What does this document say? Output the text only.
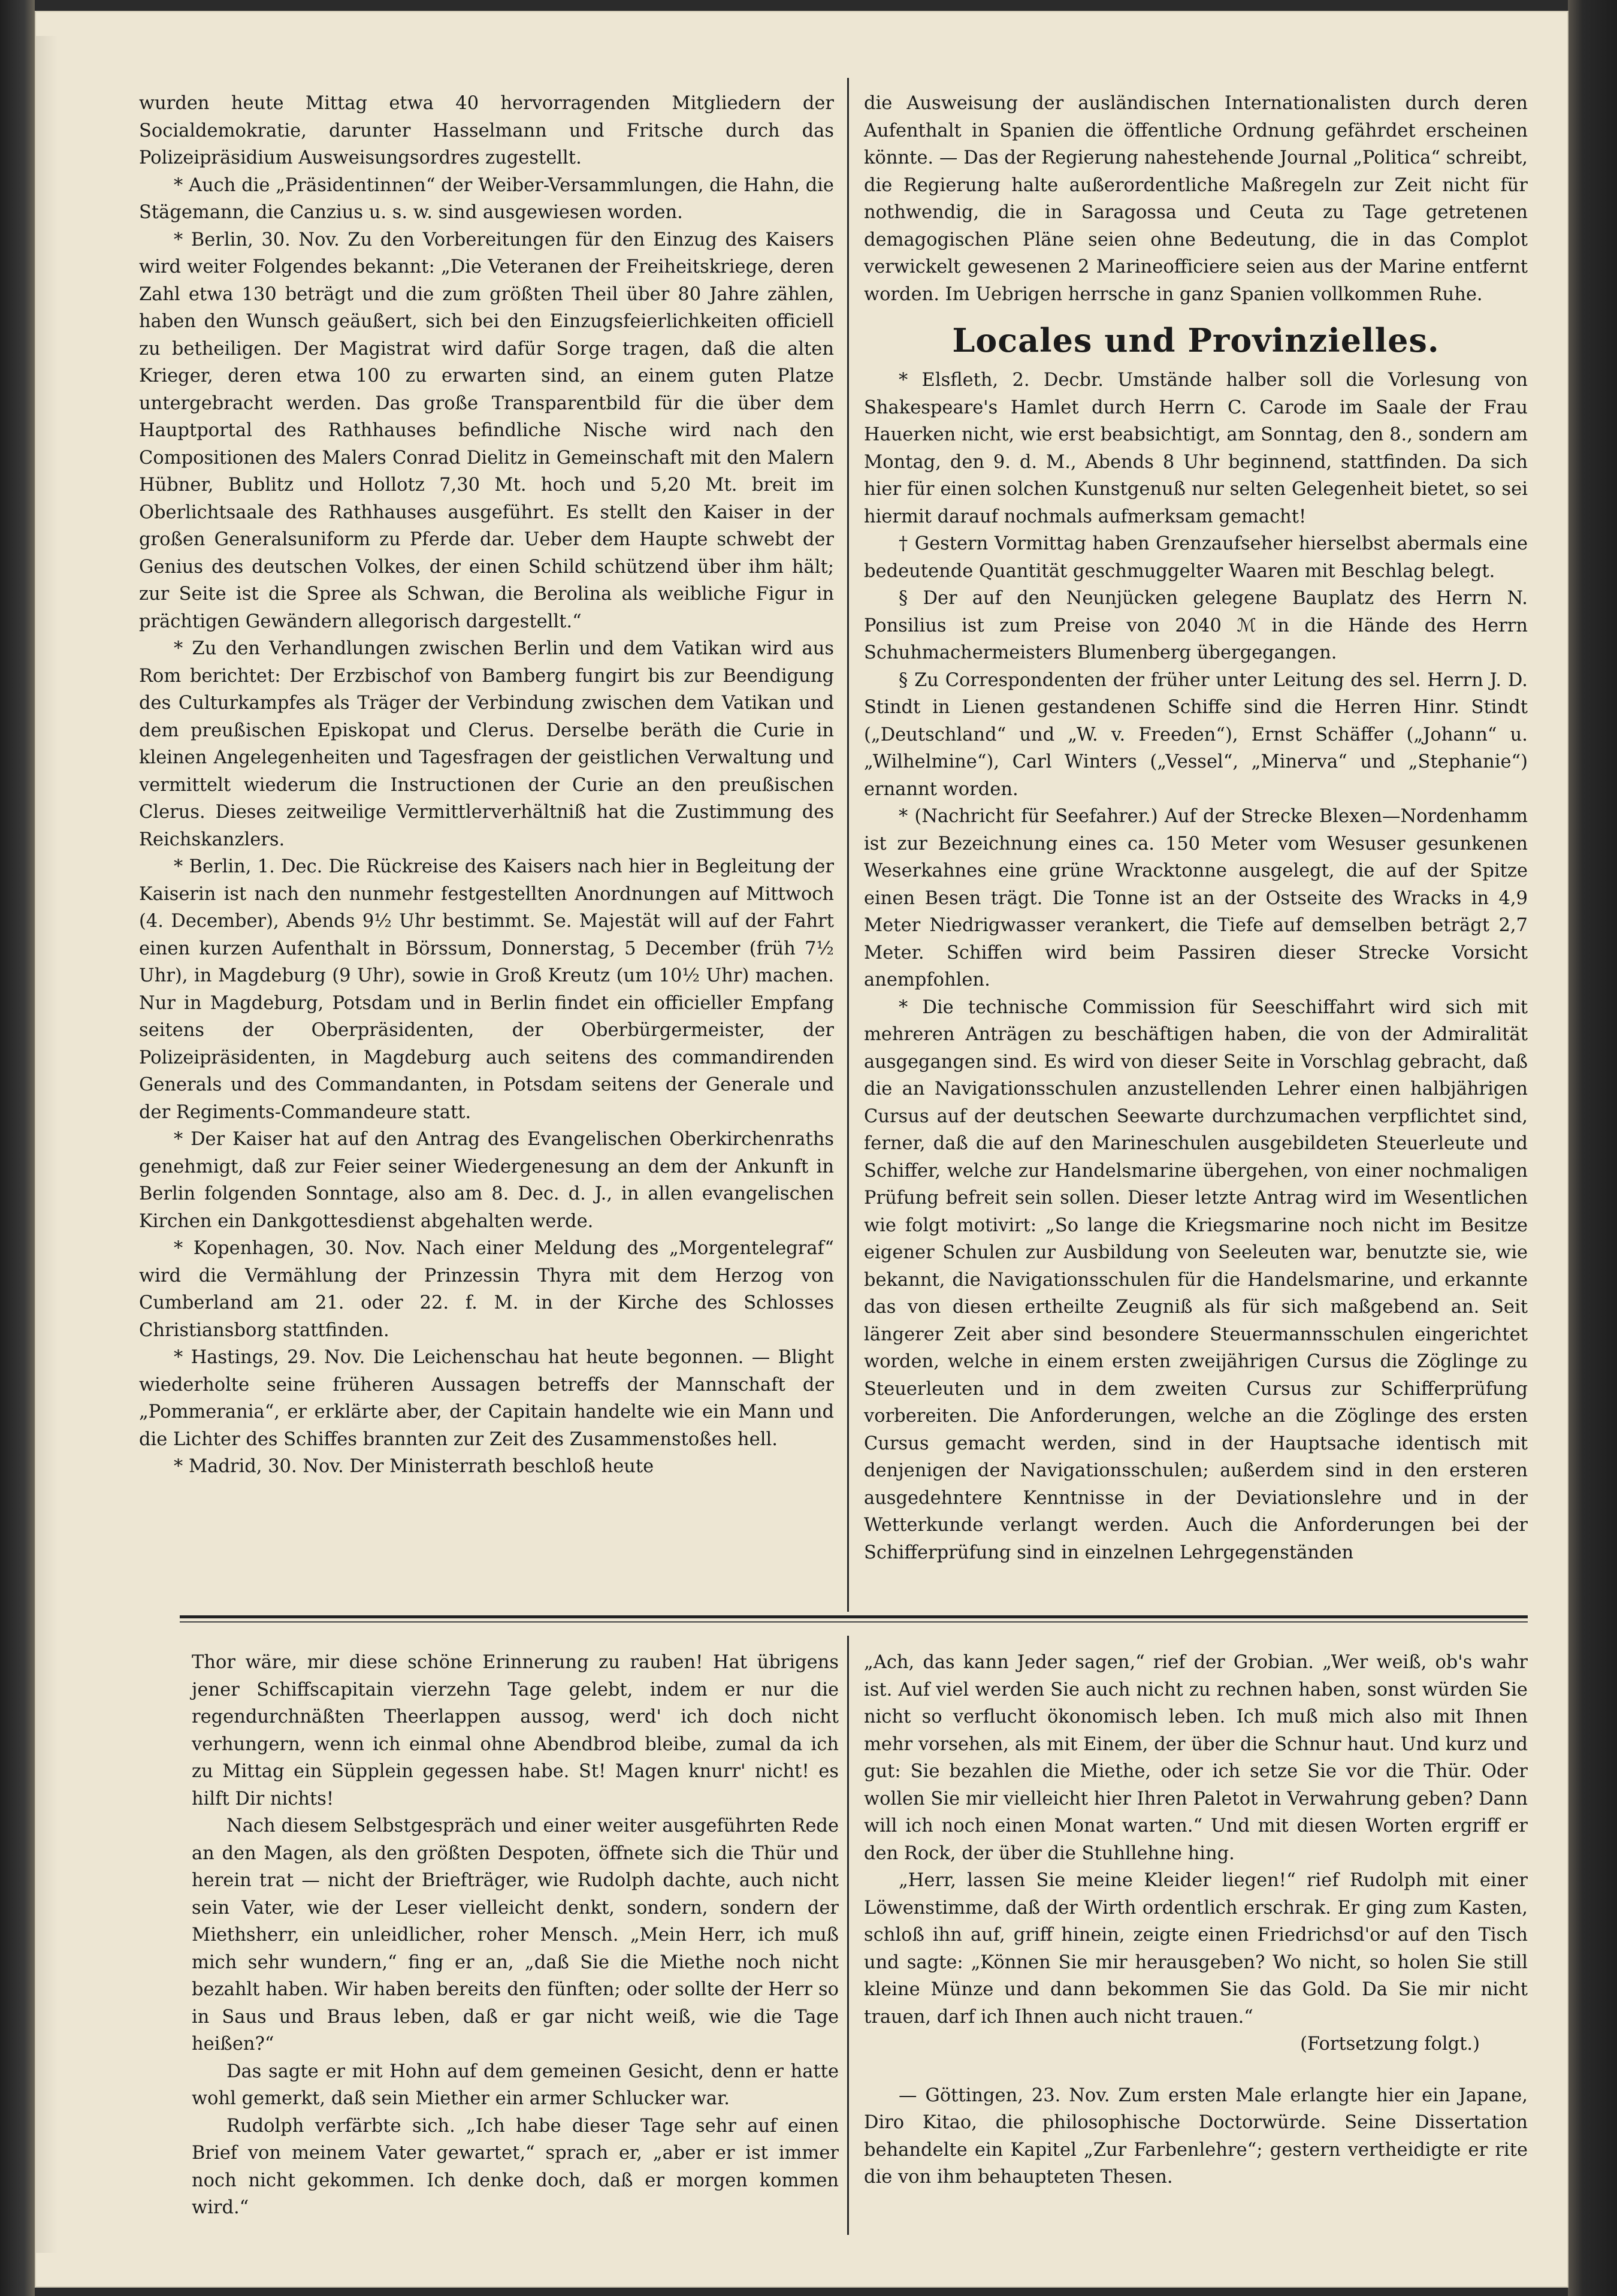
wurden heute Mittag etwa 40 hervorragenden Mitgliedern der Socialdemokratie, darunter Hasselmann und Fritsche durch das Polizeipräsidium Ausweisungsordres zugestellt.

* Auch die „Präsidentinnen“ der Weiber-Versammlungen, die Hahn, die Stägemann, die Canzius u. s. w. sind ausgewiesen worden.

* Berlin, 30. Nov. Zu den Vorbereitungen für den Einzug des Kaisers wird weiter Folgendes bekannt: „Die Veteranen der Freiheitskriege, deren Zahl etwa 130 beträgt und die zum größten Theil über 80 Jahre zählen, haben den Wunsch geäußert, sich bei den Einzugsfeierlichkeiten officiell zu betheiligen. Der Magistrat wird dafür Sorge tragen, daß die alten Krieger, deren etwa 100 zu erwarten sind, an einem guten Platze untergebracht werden. Das große Transparentbild für die über dem Hauptportal des Rathhauses befindliche Nische wird nach den Compositionen des Malers Conrad Dielitz in Gemeinschaft mit den Malern Hübner, Bublitz und Hollotz 7,30 Mt. hoch und 5,20 Mt. breit im Oberlichtsaale des Rathhauses ausgeführt. Es stellt den Kaiser in der großen Generalsuniform zu Pferde dar. Ueber dem Haupte schwebt der Genius des deutschen Volkes, der einen Schild schützend über ihm hält; zur Seite ist die Spree als Schwan, die Berolina als weibliche Figur in prächtigen Gewändern allegorisch dargestellt.“

* Zu den Verhandlungen zwischen Berlin und dem Vatikan wird aus Rom berichtet: Der Erzbischof von Bamberg fungirt bis zur Beendigung des Culturkampfes als Träger der Verbindung zwischen dem Vatikan und dem preußischen Episkopat und Clerus. Derselbe beräth die Curie in kleinen Angelegenheiten und Tagesfragen der geistlichen Verwaltung und vermittelt wiederum die Instructionen der Curie an den preußischen Clerus. Dieses zeitweilige Vermittlerverhältniß hat die Zustimmung des Reichskanzlers.

* Berlin, 1. Dec. Die Rückreise des Kaisers nach hier in Begleitung der Kaiserin ist nach den nunmehr festgestellten Anordnungen auf Mittwoch (4. December), Abends 9½ Uhr bestimmt. Se. Majestät will auf der Fahrt einen kurzen Aufenthalt in Börssum, Donnerstag, 5 December (früh 7½ Uhr), in Magdeburg (9 Uhr), sowie in Groß Kreutz (um 10½ Uhr) machen. Nur in Magdeburg, Potsdam und in Berlin findet ein officieller Empfang seitens der Oberpräsidenten, der Oberbürgermeister, der Polizeipräsidenten, in Magdeburg auch seitens des commandirenden Generals und des Commandanten, in Potsdam seitens der Generale und der Regiments-Commandeure statt.

* Der Kaiser hat auf den Antrag des Evangelischen Oberkirchenraths genehmigt, daß zur Feier seiner Wiedergenesung an dem der Ankunft in Berlin folgenden Sonntage, also am 8. Dec. d. J., in allen evangelischen Kirchen ein Dankgottesdienst abgehalten werde.

* Kopenhagen, 30. Nov. Nach einer Meldung des „Morgentelegraf“ wird die Vermählung der Prinzessin Thyra mit dem Herzog von Cumberland am 21. oder 22. f. M. in der Kirche des Schlosses Christiansborg stattfinden.

* Hastings, 29. Nov. Die Leichenschau hat heute begonnen. — Blight wiederholte seine früheren Aussagen betreffs der Mannschaft der „Pommerania“, er erklärte aber, der Capitain handelte wie ein Mann und die Lichter des Schiffes brannten zur Zeit des Zusammenstoßes hell.

* Madrid, 30. Nov. Der Ministerrath beschloß heute

die Ausweisung der ausländischen Internationalisten durch deren Aufenthalt in Spanien die öffentliche Ordnung gefährdet erscheinen könnte. — Das der Regierung nahestehende Journal „Politica“ schreibt, die Regierung halte außerordentliche Maßregeln zur Zeit nicht für nothwendig, die in Saragossa und Ceuta zu Tage getretenen demagogischen Pläne seien ohne Bedeutung, die in das Complot verwickelt gewesenen 2 Marineofficiere seien aus der Marine entfernt worden. Im Uebrigen herrsche in ganz Spanien vollkommen Ruhe.

Locales und Provinzielles.

* Elsfleth, 2. Decbr. Umstände halber soll die Vorlesung von Shakespeare's Hamlet durch Herrn C. Carode im Saale der Frau Hauerken nicht, wie erst beabsichtigt, am Sonntag, den 8., sondern am Montag, den 9. d. M., Abends 8 Uhr beginnend, stattfinden. Da sich hier für einen solchen Kunstgenuß nur selten Gelegenheit bietet, so sei hiermit darauf nochmals aufmerksam gemacht!

† Gestern Vormittag haben Grenzaufseher hierselbst abermals eine bedeutende Quantität geschmuggelter Waaren mit Beschlag belegt.

§ Der auf den Neunjücken gelegene Bauplatz des Herrn N. Ponsilius ist zum Preise von 2040 ℳ in die Hände des Herrn Schuhmachermeisters Blumenberg übergegangen.

§ Zu Correspondenten der früher unter Leitung des sel. Herrn J. D. Stindt in Lienen gestandenen Schiffe sind die Herren Hinr. Stindt („Deutschland“ und „W. v. Freeden“), Ernst Schäffer („Johann“ u. „Wilhelmine“), Carl Winters („Vessel“, „Minerva“ und „Stephanie“) ernannt worden.

* (Nachricht für Seefahrer.) Auf der Strecke Blexen—Nordenhamm ist zur Bezeichnung eines ca. 150 Meter vom Wesuser gesunkenen Weserkahnes eine grüne Wracktonne ausgelegt, die auf der Spitze einen Besen trägt. Die Tonne ist an der Ostseite des Wracks in 4,9 Meter Niedrigwasser verankert, die Tiefe auf demselben beträgt 2,7 Meter. Schiffen wird beim Passiren dieser Strecke Vorsicht anempfohlen.

* Die technische Commission für Seeschiffahrt wird sich mit mehreren Anträgen zu beschäftigen haben, die von der Admiralität ausgegangen sind. Es wird von dieser Seite in Vorschlag gebracht, daß die an Navigationsschulen anzustellenden Lehrer einen halbjährigen Cursus auf der deutschen Seewarte durchzumachen verpflichtet sind, ferner, daß die auf den Marineschulen ausgebildeten Steuerleute und Schiffer, welche zur Handelsmarine übergehen, von einer nochmaligen Prüfung befreit sein sollen. Dieser letzte Antrag wird im Wesentlichen wie folgt motivirt: „So lange die Kriegsmarine noch nicht im Besitze eigener Schulen zur Ausbildung von Seeleuten war, benutzte sie, wie bekannt, die Navigationsschulen für die Handelsmarine, und erkannte das von diesen ertheilte Zeugniß als für sich maßgebend an. Seit längerer Zeit aber sind besondere Steuermannsschulen eingerichtet worden, welche in einem ersten zweijährigen Cursus die Zöglinge zu Steuerleuten und in dem zweiten Cursus zur Schifferprüfung vorbereiten. Die Anforderungen, welche an die Zöglinge des ersten Cursus gemacht werden, sind in der Hauptsache identisch mit denjenigen der Navigationsschulen; außerdem sind in den ersteren ausgedehntere Kenntnisse in der Deviationslehre und in der Wetterkunde verlangt werden. Auch die Anforderungen bei der Schifferprüfung sind in einzelnen Lehrgegenständen

Thor wäre, mir diese schöne Erinnerung zu rauben! Hat übrigens jener Schiffscapitain vierzehn Tage gelebt, indem er nur die regendurchnäßten Theerlappen aussog, werd' ich doch nicht verhungern, wenn ich einmal ohne Abendbrod bleibe, zumal da ich zu Mittag ein Süpplein gegessen habe. St! Magen knurr' nicht! es hilft Dir nichts!

Nach diesem Selbstgespräch und einer weiter ausgeführten Rede an den Magen, als den größten Despoten, öffnete sich die Thür und herein trat — nicht der Briefträger, wie Rudolph dachte, auch nicht sein Vater, wie der Leser vielleicht denkt, sondern, sondern der Miethsherr, ein unleidlicher, roher Mensch. „Mein Herr, ich muß mich sehr wundern,“ fing er an, „daß Sie die Miethe noch nicht bezahlt haben. Wir haben bereits den fünften; oder sollte der Herr so in Saus und Braus leben, daß er gar nicht weiß, wie die Tage heißen?“

Das sagte er mit Hohn auf dem gemeinen Gesicht, denn er hatte wohl gemerkt, daß sein Miether ein armer Schlucker war.

Rudolph verfärbte sich. „Ich habe dieser Tage sehr auf einen Brief von meinem Vater gewartet,“ sprach er, „aber er ist immer noch nicht gekommen. Ich denke doch, daß er morgen kommen wird.“

„Ach, das kann Jeder sagen,“ rief der Grobian. „Wer weiß, ob's wahr ist. Auf viel werden Sie auch nicht zu rechnen haben, sonst würden Sie nicht so verflucht ökonomisch leben. Ich muß mich also mit Ihnen mehr vorsehen, als mit Einem, der über die Schnur haut. Und kurz und gut: Sie bezahlen die Miethe, oder ich setze Sie vor die Thür. Oder wollen Sie mir vielleicht hier Ihren Paletot in Verwahrung geben? Dann will ich noch einen Monat warten.“ Und mit diesen Worten ergriff er den Rock, der über die Stuhllehne hing.

„Herr, lassen Sie meine Kleider liegen!“ rief Rudolph mit einer Löwenstimme, daß der Wirth ordentlich erschrak. Er ging zum Kasten, schloß ihn auf, griff hinein, zeigte einen Friedrichsd'or auf den Tisch und sagte: „Können Sie mir herausgeben? Wo nicht, so holen Sie still kleine Münze und dann bekommen Sie das Gold. Da Sie mir nicht trauen, darf ich Ihnen auch nicht trauen.“

(Fortsetzung folgt.)

— Göttingen, 23. Nov. Zum ersten Male erlangte hier ein Japane, Diro Kitao, die philosophische Doctorwürde. Seine Dissertation behandelte ein Kapitel „Zur Farbenlehre“; gestern vertheidigte er rite die von ihm behaupteten Thesen.
